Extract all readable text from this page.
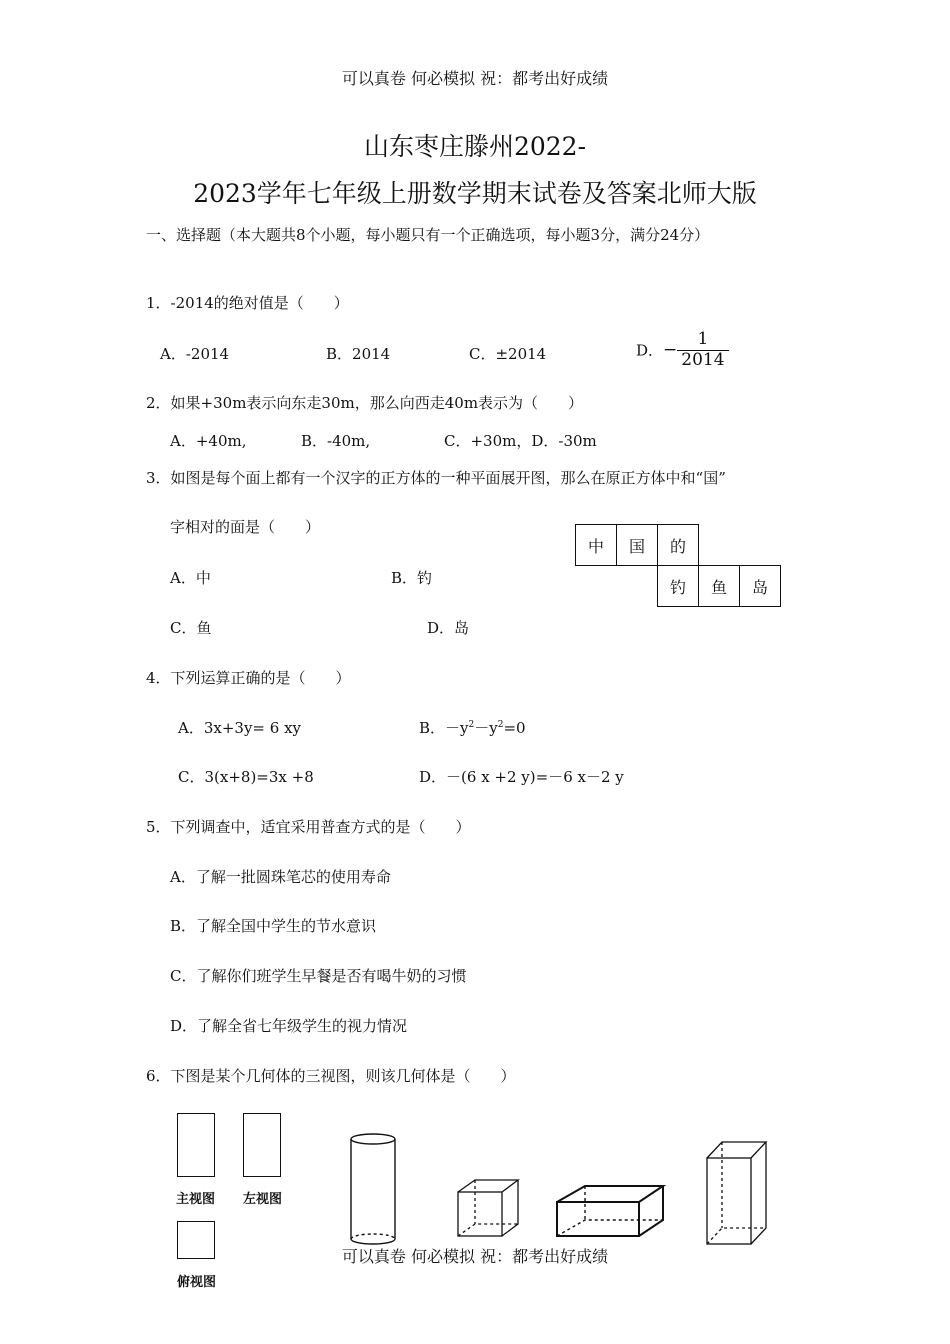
可以真卷 何必模拟 祝：都考出好成绩
山东枣庄滕州2022-
2023学年七年级上册数学期末试卷及答案北师大版
一、选择题（本大题共8个小题，每小题只有一个正确选项，每小题3分，满分24分）
1．-2014的绝对值是（　　）
A．-2014	B．2014	C．±2014	D．− $\frac{1}{2014}$
2．如果+30m表示向东走30m，那么向西走40m表示为（　　）
A．+40m,	B．-40m,	C．+30m，D．-30m
3．如图是每个面上都有一个汉字的正方体的一种平面展开图，那么在原正方体中和“国”
字相对的面是（　　）
A．中	B．钓
C．鱼	D．岛
中	国	的
钓	鱼	岛
4．下列运算正确的是（　　）
A．3x+3y= 6 xy	B．$-y^2-y^2=0$
C．3(x+8)=3x +8	D．－(6 x +2 y)=－6 x－2 y
5．下列调查中，适宜采用普查方式的是（　　）
A．了解一批圆珠笔芯的使用寿命
B．了解全国中学生的节水意识
C．了解你们班学生早餐是否有喝牛奶的习惯
D．了解全省七年级学生的视力情况
6．下图是某个几何体的三视图，则该几何体是（　　）
主视图 左视图
俯视图
可以真卷 何必模拟 祝：都考出好成绩
